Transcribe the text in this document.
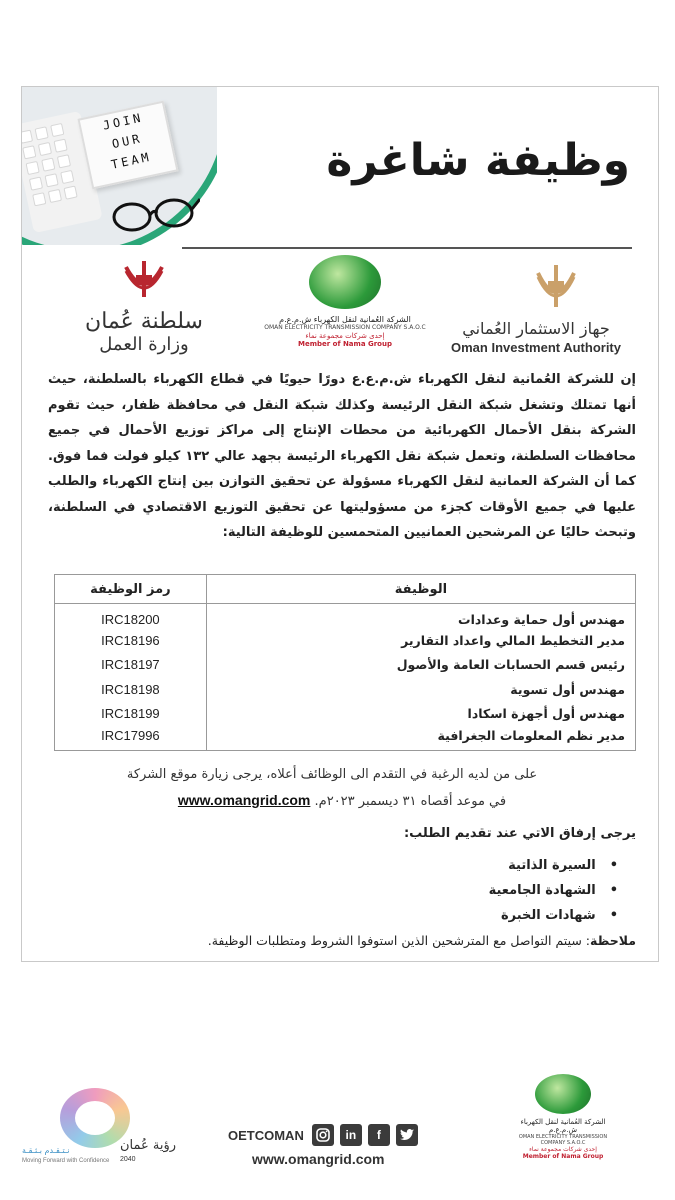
JOIN
OUR
TEAM	وظيفة شاغرة
سلطنة عُمان
وزارة العمل
الشركة العُمانية لنقل الكهرباء ش.م.ع.م
OMAN ELECTRICITY TRANSMISSION COMPANY S.A.O.C
إحدى شركات مجموعة نماء
Member of Nama Group
جهاز الاستثمار العُماني
Oman Investment Authority

إن للشركة العُمانية لنقل الكهرباء ش.م.ع.ع دورًا حيويًا في قطاع الكهرباء بالسلطنة، حيث أنها تمتلك وتشغل شبكة النقل الرئيسة وكذلك شبكة النقل في محافظة ظفار، حيث تقوم الشركة بنقل الأحمال الكهربائية من محطات الإنتاج إلى مراكز توزيع الأحمال في جميع محافظات السلطنة، وتعمل شبكة نقل الكهرباء الرئيسة بجهد عالي ١٣٢ كيلو فولت فما فوق. كما أن الشركة العمانية لنقل الكهرباء مسؤولة عن تحقيق التوازن بين إنتاج الكهرباء والطلب عليها في جميع الأوقات كجزء من مسؤوليتها عن تحقيق التوزيع الاقتصادي في السلطنة، وتبحث حاليًا عن المرشحين العمانيين المتحمسين للوظيفة التالية:

الوظيفة	رمز الوظيفة
مهندس أول حماية وعدادات	IRC18200
مدير التخطيط المالي واعداد التقارير	IRC18196
رئيس قسم الحسابات العامة والأصول	IRC18197
مهندس أول تسوية	IRC18198
مهندس أول أجهزة اسكادا	IRC18199
مدير نظم المعلومات الجغرافية	IRC17996
على من لديه الرغبة في التقدم الى الوظائف أعلاه، يرجى زيارة موقع الشركة
في موعد أقصاه ٣١ ديسمبر ٢٠٢٣م. www.omangrid.com
يرجى إرفاق الاتي عند تقديم الطلب:
• السيرة الذاتية
• الشهادة الجامعية
• شهادات الخبرة
ملاحظة: سيتم التواصل مع المترشحين الذين استوفوا الشروط ومتطلبات الوظيفة.
رؤية عُمان
2040
نـتـقـدم بـثـقـة
Moving Forward with Confidence
OETCOMAN	in	f
www.omangrid.com
الشركة العُمانية لنقل الكهرباء ش.م.ع.م
OMAN ELECTRICITY TRANSMISSION COMPANY S.A.O.C
إحدى شركات مجموعة نماء
Member of Nama Group
